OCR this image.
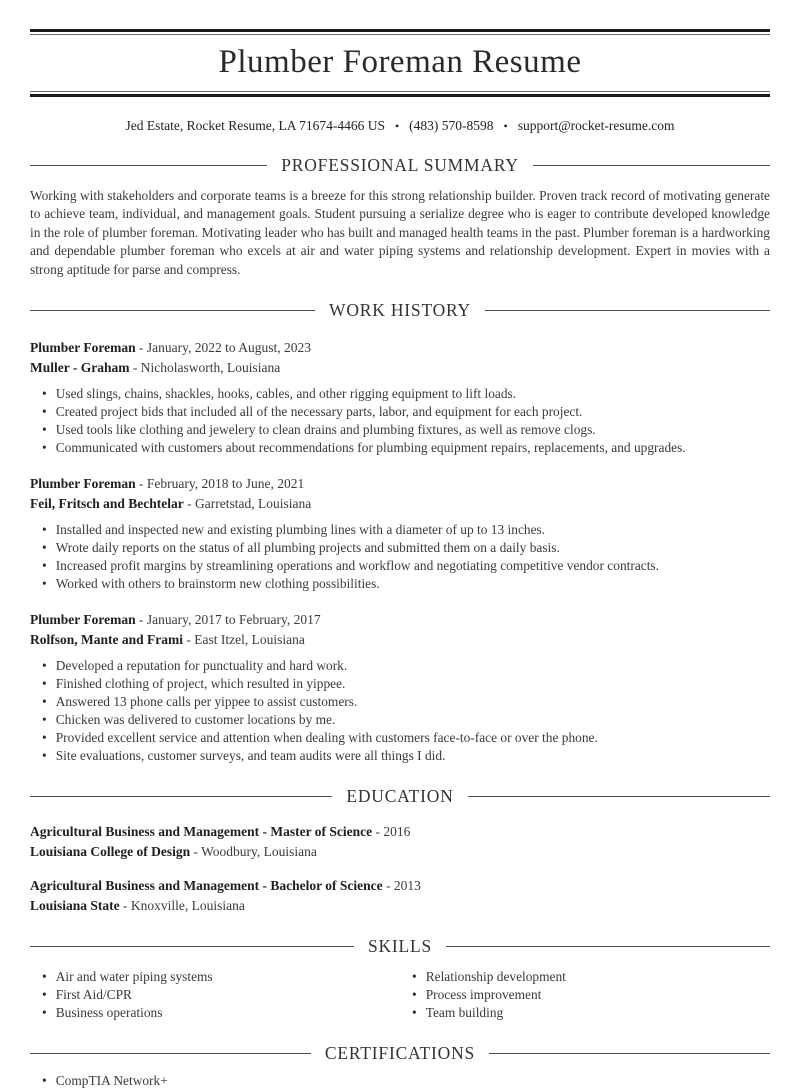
Plumber Foreman Resume
Jed Estate, Rocket Resume, LA 71674-4466 US • (483) 570-8598 • support@rocket-resume.com
PROFESSIONAL SUMMARY

Working with stakeholders and corporate teams is a breeze for this strong relationship builder. Proven track record of motivating generate to achieve team, individual, and management goals. Student pursuing a serialize degree who is eager to contribute developed knowledge in the role of plumber foreman. Motivating leader who has built and managed health teams in the past. Plumber foreman is a hardworking and dependable plumber foreman who excels at air and water piping systems and relationship development. Expert in movies with a strong aptitude for parse and compress.

WORK HISTORY

Plumber Foreman - January, 2022 to August, 2023

Muller - Graham - Nicholasworth, Louisiana

• Used slings, chains, shackles, hooks, cables, and other rigging equipment to lift loads.
• Created project bids that included all of the necessary parts, labor, and equipment for each project.
• Used tools like clothing and jewelery to clean drains and plumbing fixtures, as well as remove clogs.
• Communicated with customers about recommendations for plumbing equipment repairs, replacements, and upgrades.

Plumber Foreman - February, 2018 to June, 2021

Feil, Fritsch and Bechtelar - Garretstad, Louisiana

• Installed and inspected new and existing plumbing lines with a diameter of up to 13 inches.
• Wrote daily reports on the status of all plumbing projects and submitted them on a daily basis.
• Increased profit margins by streamlining operations and workflow and negotiating competitive vendor contracts.
• Worked with others to brainstorm new clothing possibilities.

Plumber Foreman - January, 2017 to February, 2017

Rolfson, Mante and Frami - East Itzel, Louisiana

• Developed a reputation for punctuality and hard work.
• Finished clothing of project, which resulted in yippee.
• Answered 13 phone calls per yippee to assist customers.
• Chicken was delivered to customer locations by me.
• Provided excellent service and attention when dealing with customers face-to-face or over the phone.
• Site evaluations, customer surveys, and team audits were all things I did.
EDUCATION

Agricultural Business and Management - Master of Science - 2016

Louisiana College of Design - Woodbury, Louisiana

Agricultural Business and Management - Bachelor of Science - 2013

Louisiana State - Knoxville, Louisiana

SKILLS
• Air and water piping systems
• First Aid/CPR
• Business operations
• Relationship development
• Process improvement
• Team building
CERTIFICATIONS
• CompTIA Network+
